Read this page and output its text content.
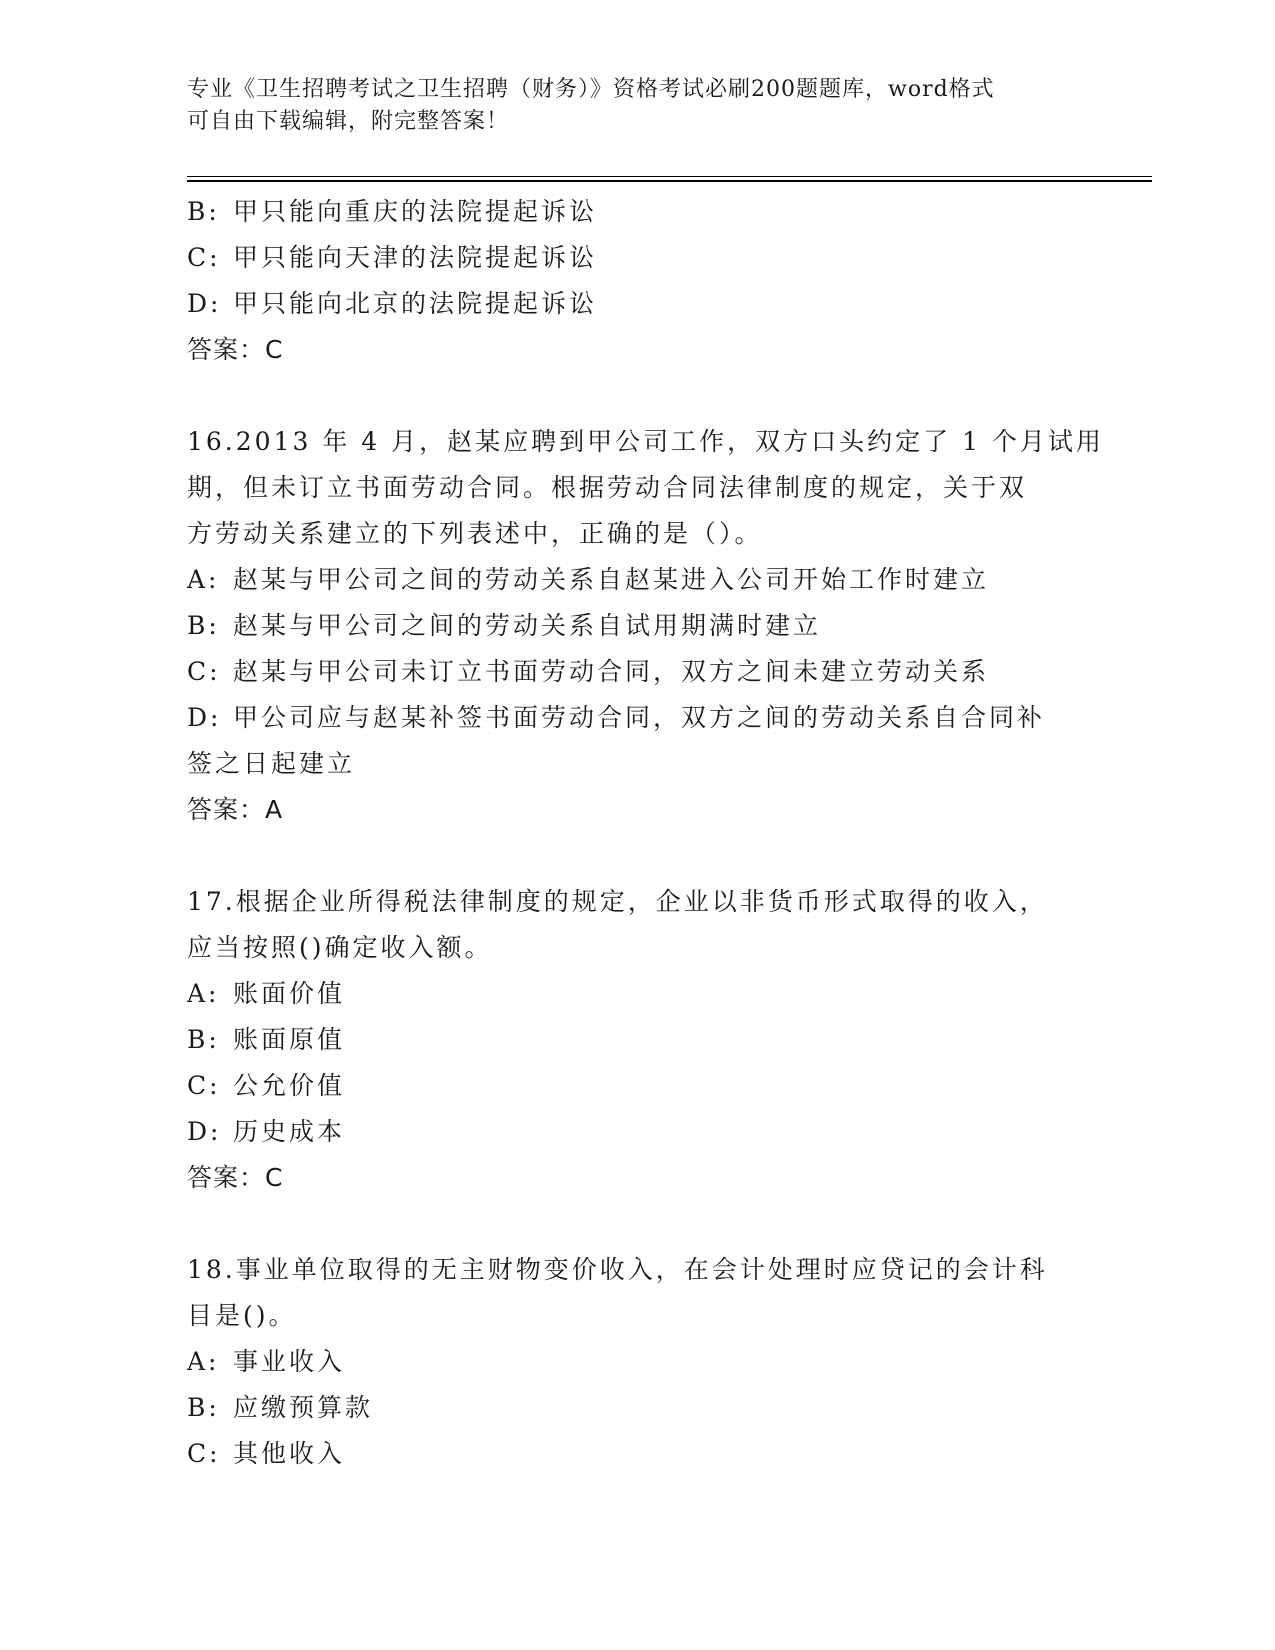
专业《卫生招聘考试之卫生招聘（财务）》资格考试必刷200题题库，word格式
可自由下载编辑，附完整答案！
B: 甲只能向重庆的法院提起诉讼
C: 甲只能向天津的法院提起诉讼
D: 甲只能向北京的法院提起诉讼
答案：C
16.2013 年 4 月，赵某应聘到甲公司工作，双方口头约定了 1 个月试用
期，但未订立书面劳动合同。根据劳动合同法律制度的规定，关于双
方劳动关系建立的下列表述中，正确的是（）。
A: 赵某与甲公司之间的劳动关系自赵某进入公司开始工作时建立
B: 赵某与甲公司之间的劳动关系自试用期满时建立
C: 赵某与甲公司未订立书面劳动合同，双方之间未建立劳动关系
D: 甲公司应与赵某补签书面劳动合同，双方之间的劳动关系自合同补
签之日起建立
答案：A
17.根据企业所得税法律制度的规定，企业以非货币形式取得的收入，
应当按照()确定收入额。
A: 账面价值
B: 账面原值
C: 公允价值
D: 历史成本
答案：C
18.事业单位取得的无主财物变价收入，在会计处理时应贷记的会计科
目是()。
A: 事业收入
B: 应缴预算款
C: 其他收入
